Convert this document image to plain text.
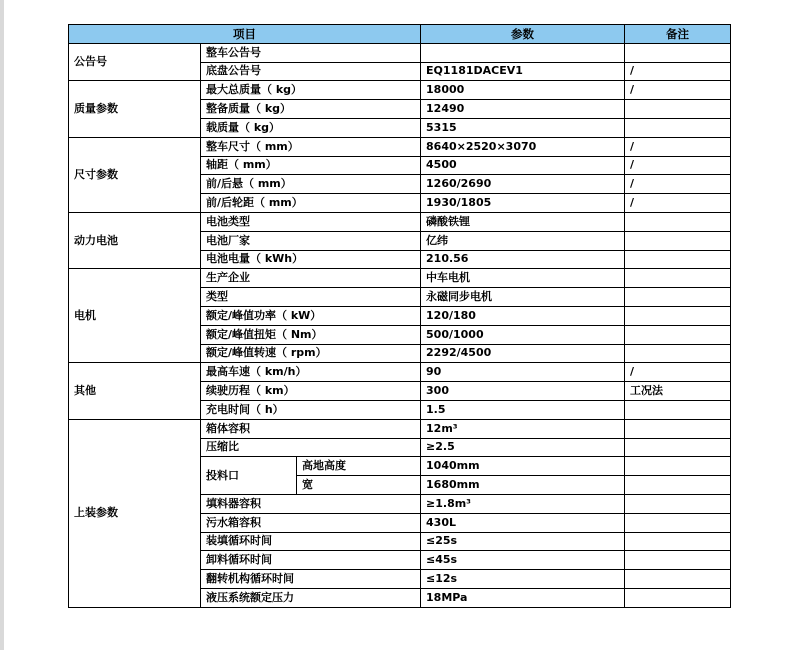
项目			参数	备注
公告号	整车公告号			
	底盘公告号		EQ1181DACEV1	/
质量参数	最大总质量（ kg）		18000	/
	整备质量（ kg）		12490	
	载质量（ kg）		5315	
尺寸参数	整车尺寸（ mm）		8640×2520×3070	/
	轴距（ mm）		4500	/
	前/后悬（ mm）		1260/2690	/
	前/后轮距（ mm）		1930/1805	/
动力电池	电池类型		磷酸铁锂	
	电池厂家		亿纬	
	电池电量（ kWh）		210.56	
电机	生产企业		中车电机	
	类型		永磁同步电机	
	额定/峰值功率（ kW）		120/180	
	额定/峰值扭矩（ Nm）		500/1000	
	额定/峰值转速（ rpm）		2292/4500	
其他	最高车速（ km/h）		90	/
	续驶历程（ km）		300	工况法
	充电时间（ h）		1.5	
上装参数	箱体容积		12m³	
	压缩比		≥2.5	
	投料口	高地高度	1040mm	
		宽	1680mm	
	填料器容积		≥1.8m³	
	污水箱容积		430L	
	装填循环时间		≤25s	
	卸料循环时间		≤45s	
	翻转机构循环时间		≤12s	
	液压系统额定压力		18MPa	
